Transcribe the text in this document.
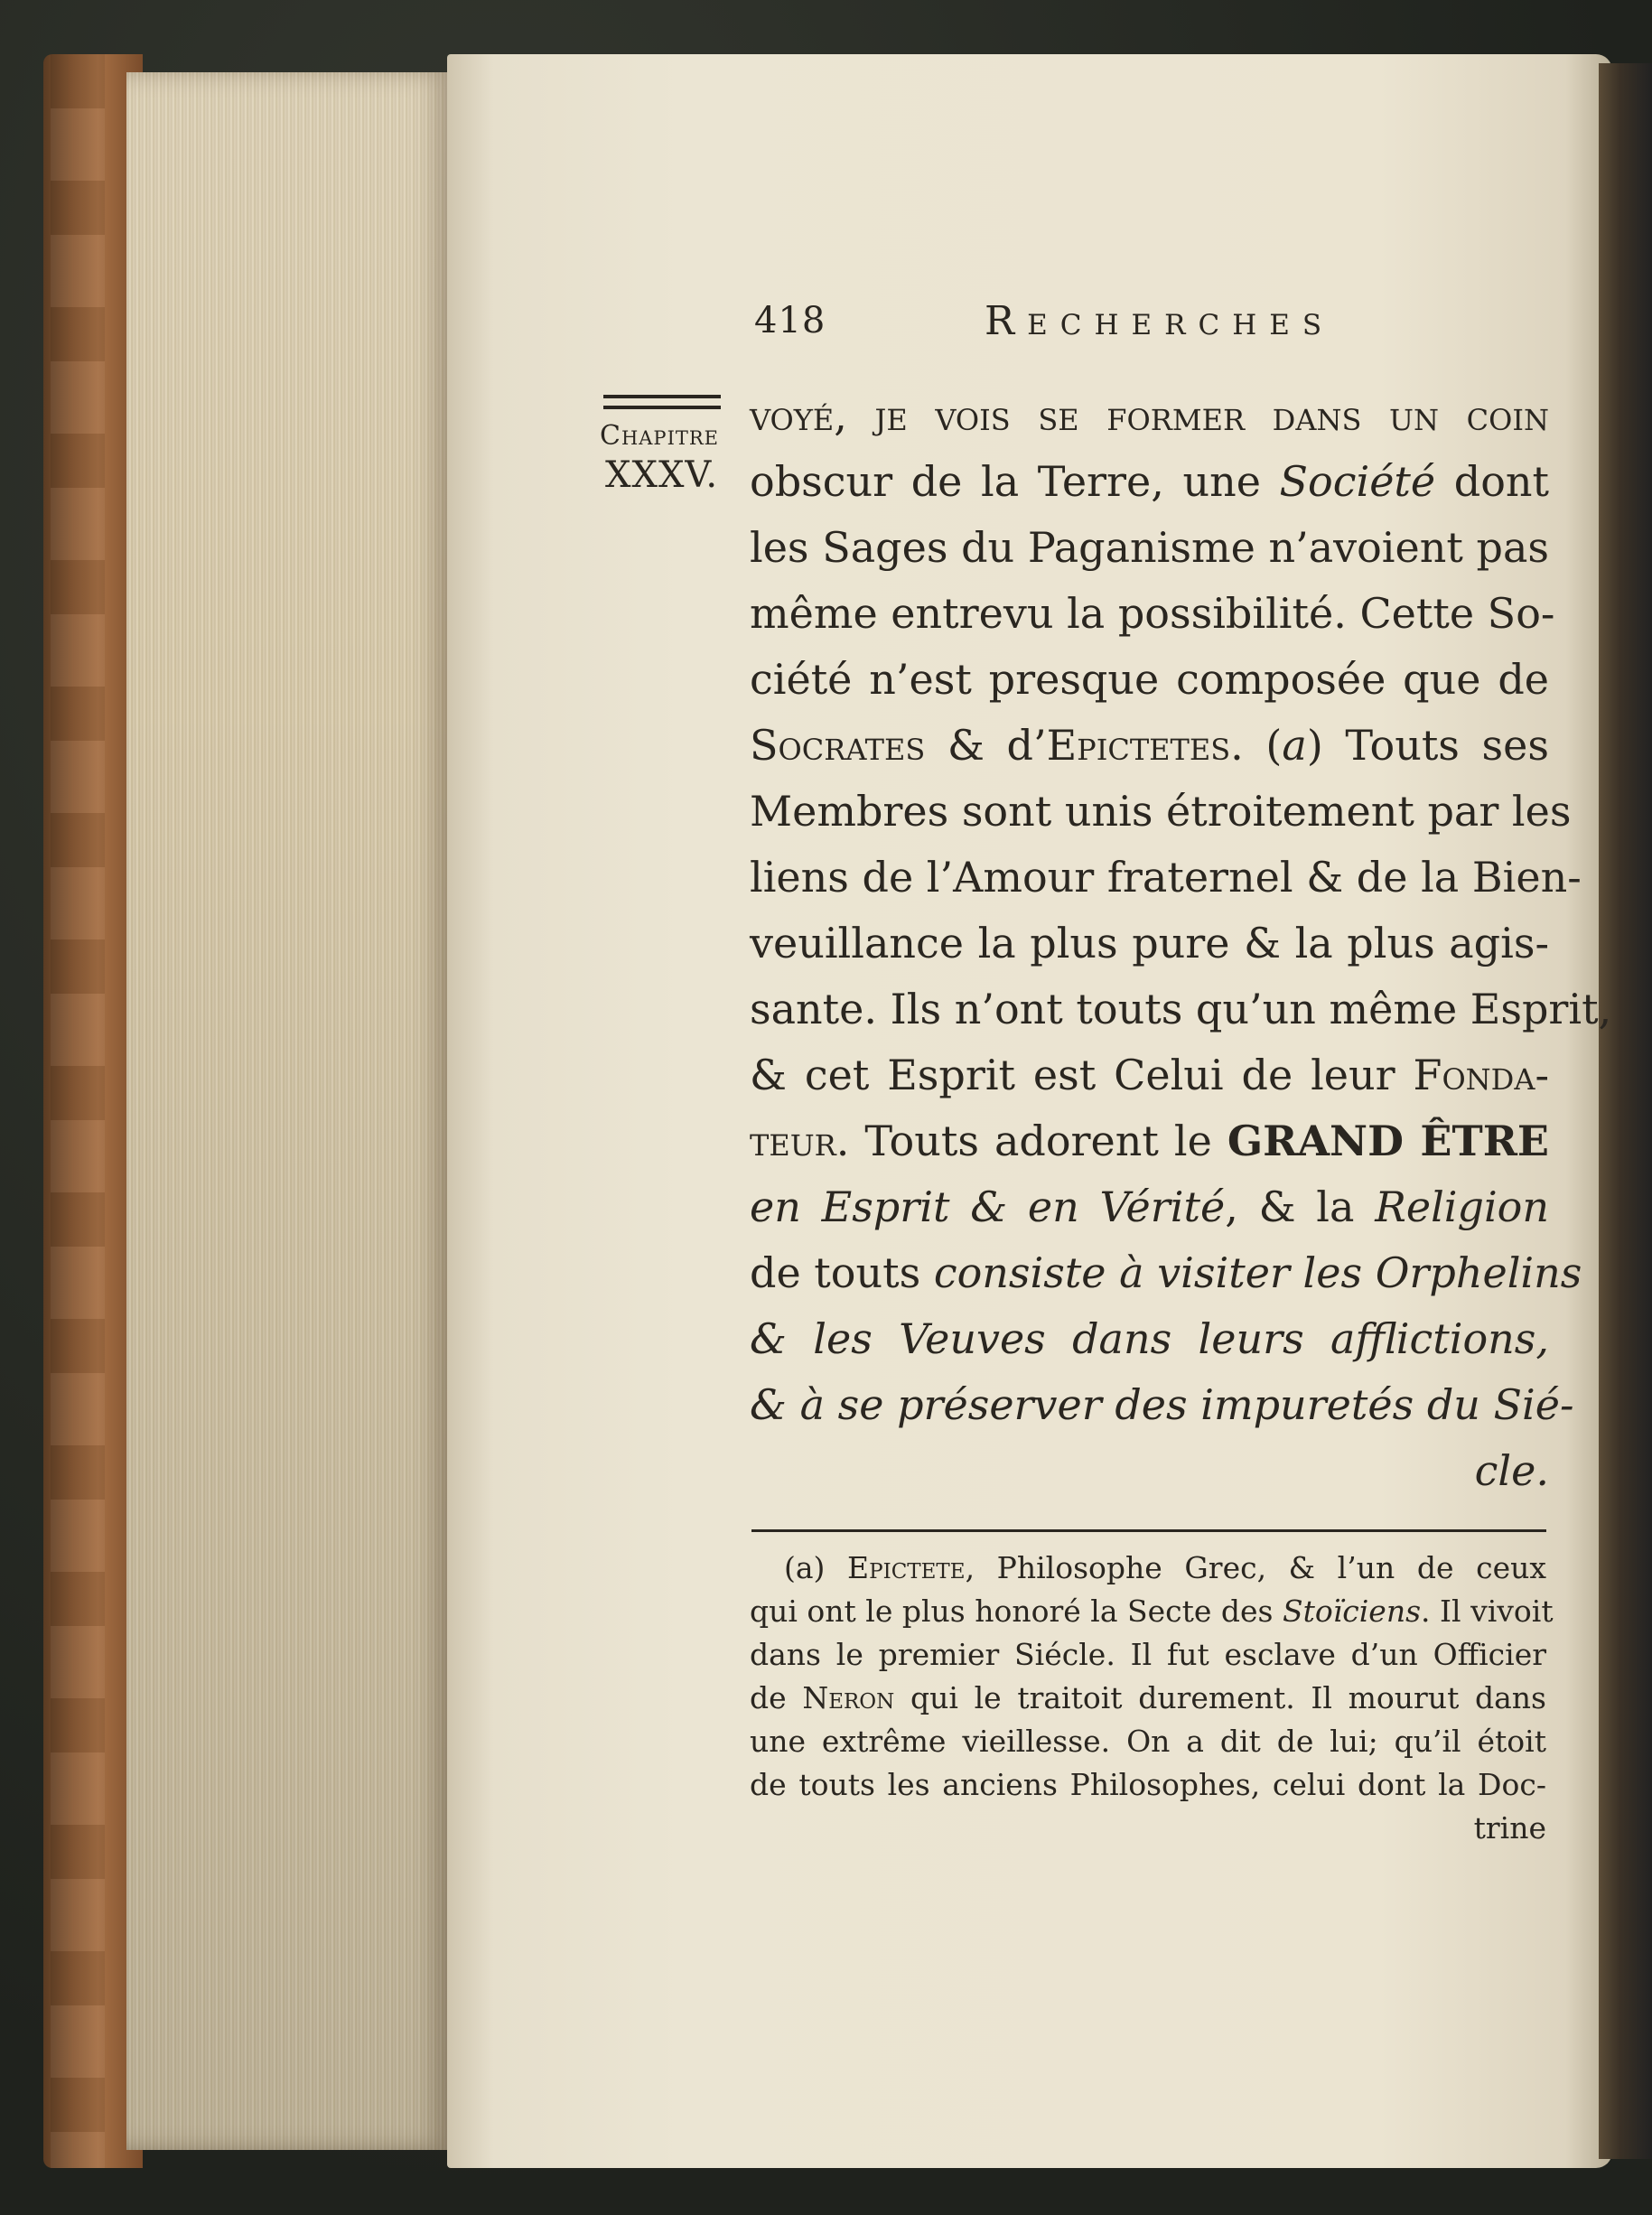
418	Recherches
Chapitre
XXXV.
voyé, je vois se former dans un coin
obscur de la Terre, une Société dont
les Sages du Paganisme n’avoient pas
même entrevu la possibilité. Cette So-
ciété n’est presque composée que de
Socrates & d’Epictetes. (a) Touts ses
Membres sont unis étroitement par les
liens de l’Amour fraternel & de la Bien-
veuillance la plus pure & la plus agis-
sante. Ils n’ont touts qu’un même Esprit,
& cet Esprit est Celui de leur Fonda-
teur. Touts adorent le GRAND ÊTRE
en Esprit & en Vérité, & la Religion
de touts consiste à visiter les Orphelins
& les Veuves dans leurs afflictions,
& à se préserver des impuretés du Sié-
cle.
(a) Epictete, Philosophe Grec, & l’un de ceux
qui ont le plus honoré la Secte des Stoïciens. Il vivoit
dans le premier Siécle. Il fut esclave d’un Officier
de Neron qui le traitoit durement. Il mourut dans
une extrême vieillesse. On a dit de lui; qu’il étoit
de touts les anciens Philosophes, celui dont la Doc-
trine
